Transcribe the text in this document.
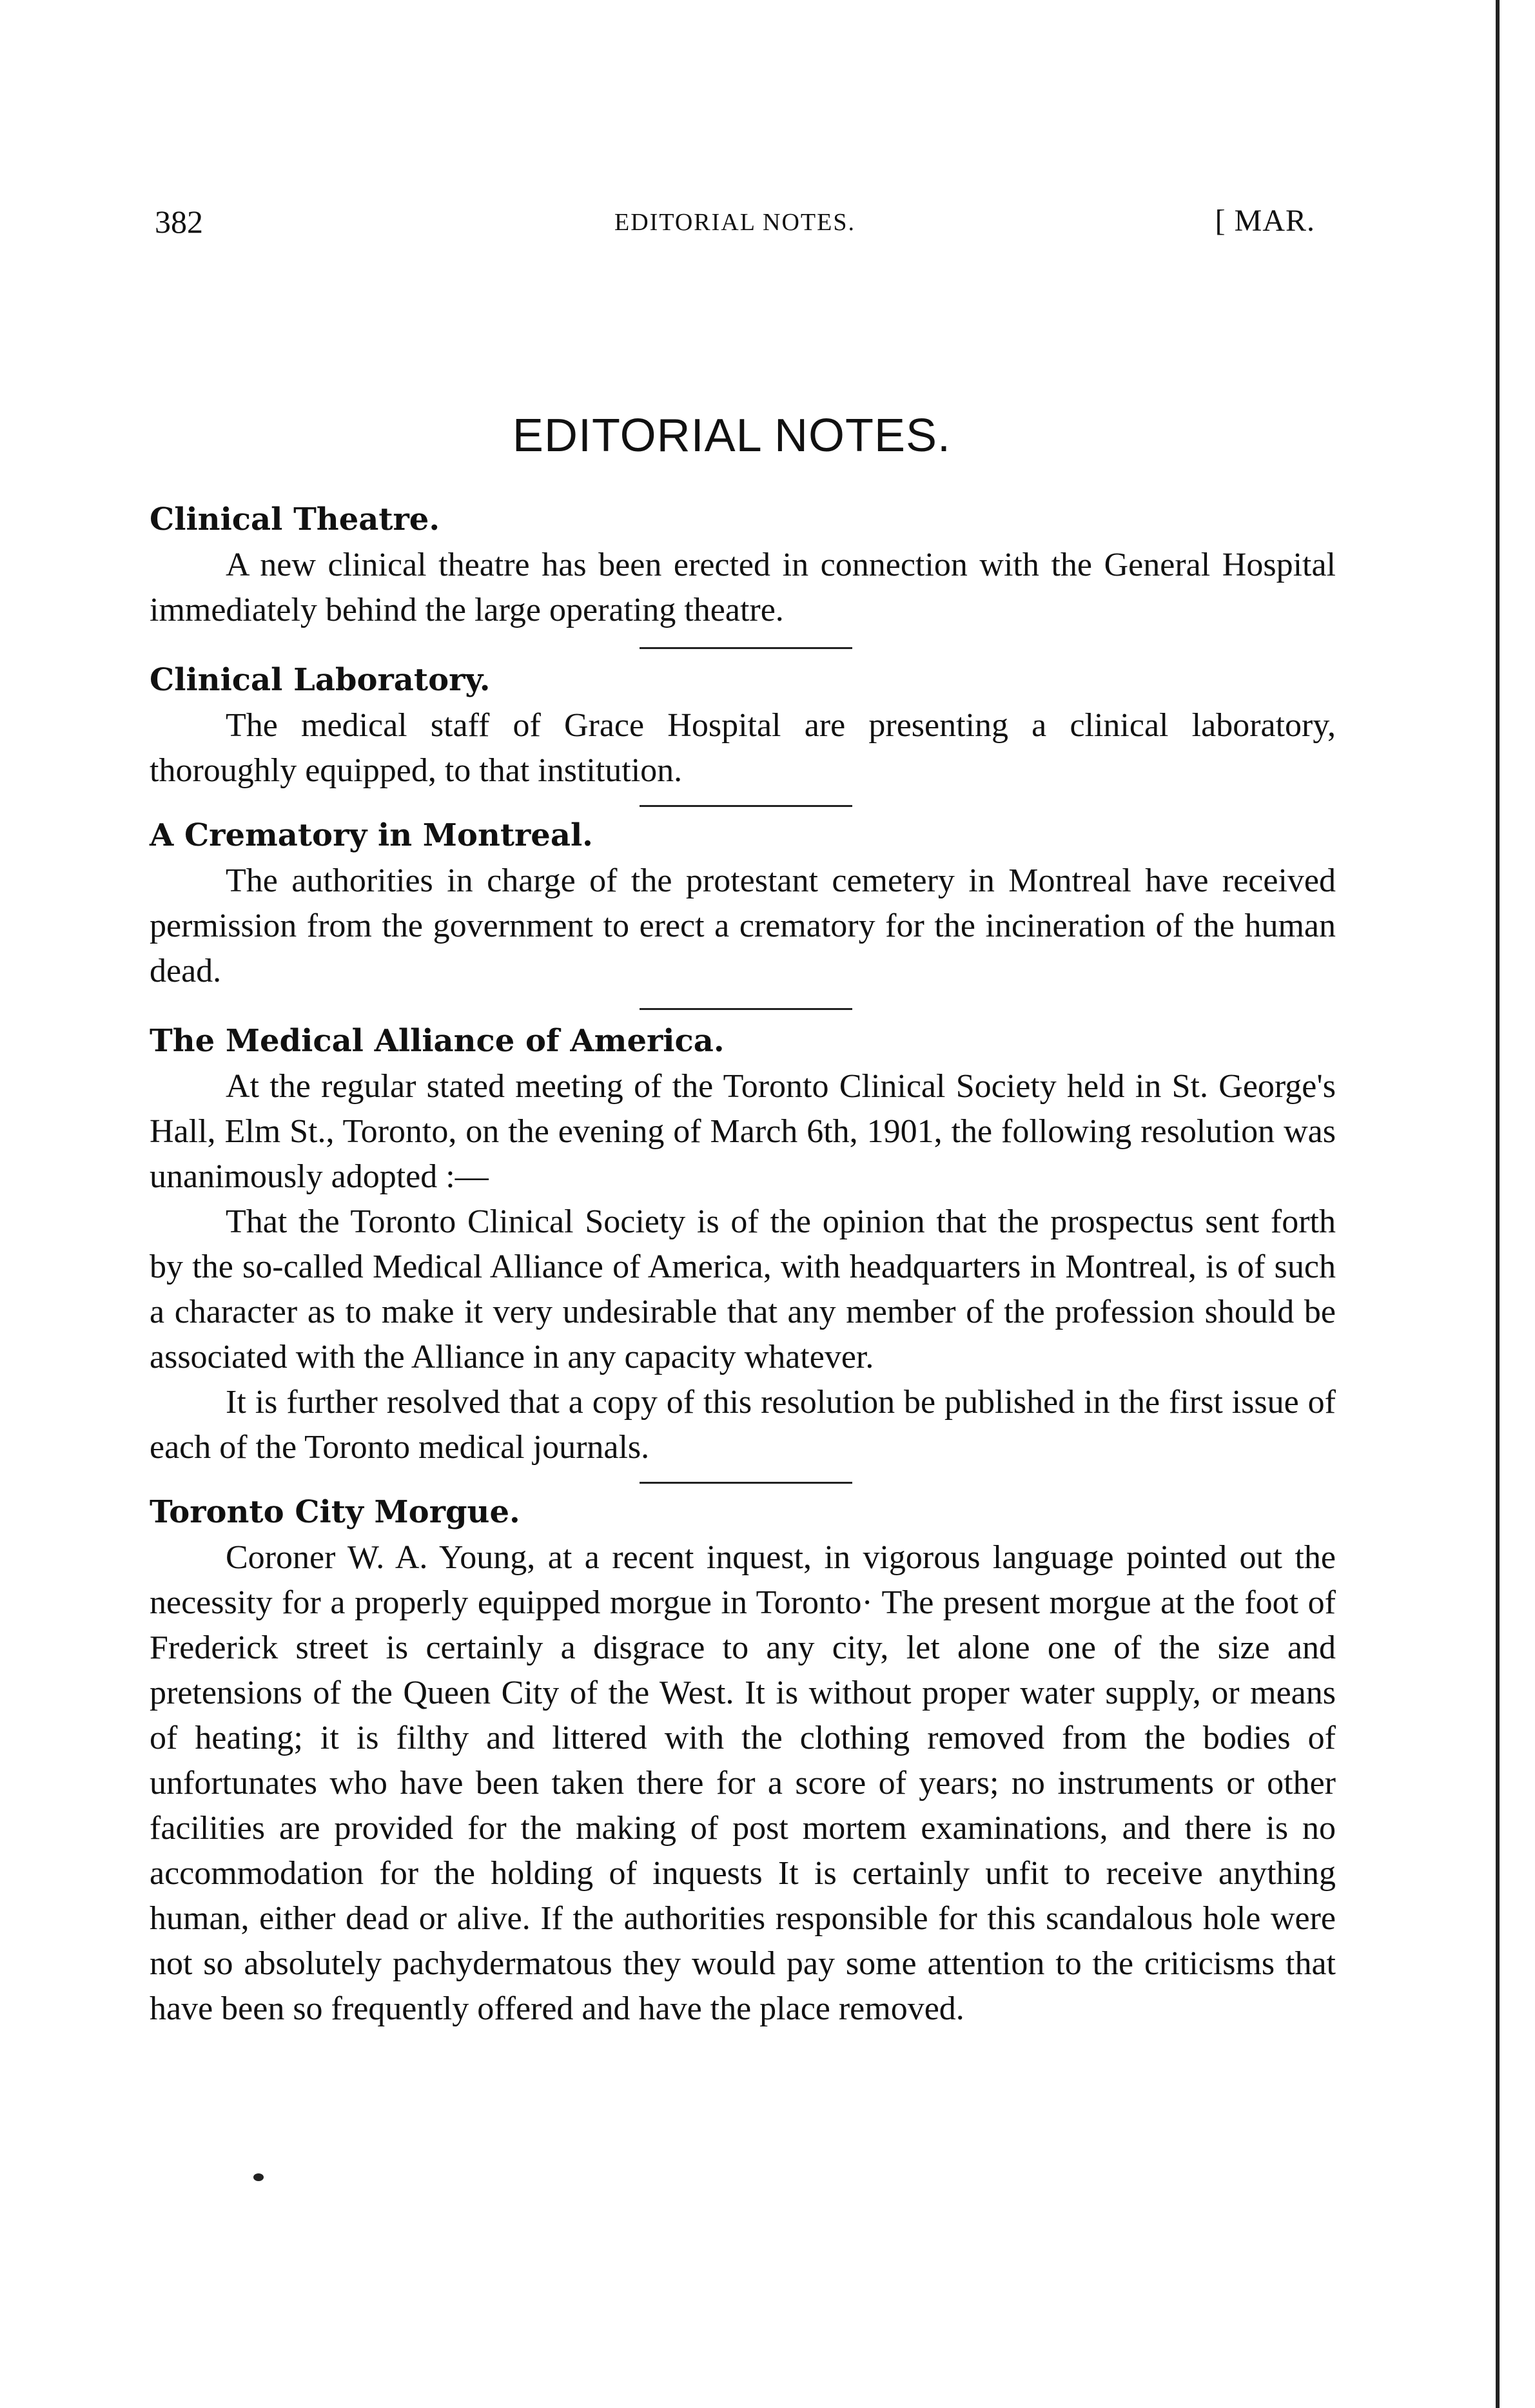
382	EDITORIAL NOTES.	[ MAR.
EDITORIAL NOTES.

Clinical Theatre.

A new clinical theatre has been erected in connection with the General Hospital immediately behind the large operating theatre.

Clinical Laboratory.

The medical staff of Grace Hospital are presenting a clinical laboratory, thoroughly equipped, to that institution.

A Crematory in Montreal.

The authorities in charge of the protestant cemetery in Montreal have received permission from the government to erect a crematory for the incineration of the human dead.

The Medical Alliance of America.

At the regular stated meeting of the Toronto Clinical Society held in St. George's Hall, Elm St., Toronto, on the evening of March 6th, 1901, the following resolution was unanimously adopted :—

That the Toronto Clinical Society is of the opinion that the prospectus sent forth by the so-called Medical Alliance of America, with headquarters in Montreal, is of such a character as to make it very undesirable that any member of the profession should be associated with the Alliance in any capacity whatever.

It is further resolved that a copy of this resolution be published in the first issue of each of the Toronto medical journals.

Toronto City Morgue.

Coroner W. A. Young, at a recent inquest, in vigorous language pointed out the necessity for a properly equipped morgue in Toronto· The present morgue at the foot of Frederick street is certainly a disgrace to any city, let alone one of the size and pretensions of the Queen City of the West. It is without proper water supply, or means of heating; it is filthy and littered with the clothing removed from the bodies of unfortunates who have been taken there for a score of years; no instruments or other facilities are provided for the making of post mortem examinations, and there is no accommodation for the holding of inquests It is certainly unfit to receive anything human, either dead or alive. If the authorities responsible for this scandalous hole were not so absolutely pachydermatous they would pay some attention to the criticisms that have been so frequently offered and have the place removed.
